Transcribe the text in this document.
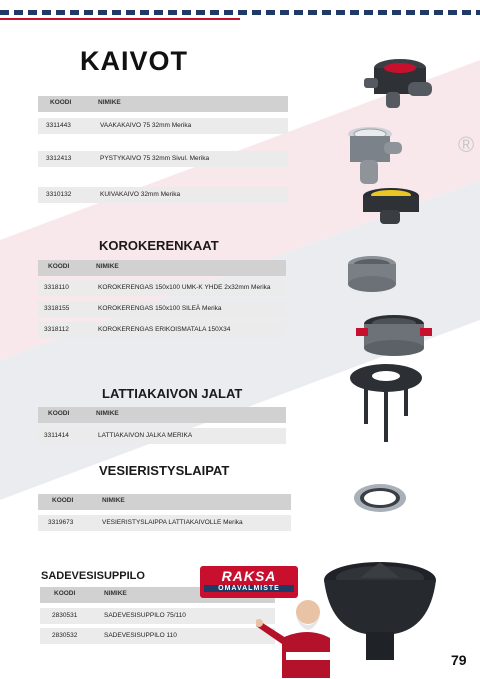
®
KAIVOT
KOODI	NIMIKE
3311443	VAAKAKAIVO 75 32mm Merika
3312413	PYSTYKAIVO 75 32mm Sivul. Merika
3310132	KUIVAKAIVO 32mm Merika
KOROKERENKAAT
KOODI	NIMIKE
3318110	KOROKERENGAS 150x100 UMK-K YHDE 2x32mm Merika
3318155	KOROKERENGAS 150x100 SILEÄ Merika
3318112	KOROKERENGAS ERIKOISMATALA 150X34
LATTIAKAIVON JALAT
KOODI	NIMIKE
3311414	LATTIAKAIVON JALKA MERIKA
VESIERISTYSLAIPAT
KOODI	NIMIKE
3319673	VESIERISTYSLAIPPA LATTIAKAIVOLLE Merika
SADEVESISUPPILO
KOODI	NIMIKE
2830531	SADEVESISUPPILO 75/110
2830532	SADEVESISUPPILO 110
RAKSA
OMAVALMISTE
79
